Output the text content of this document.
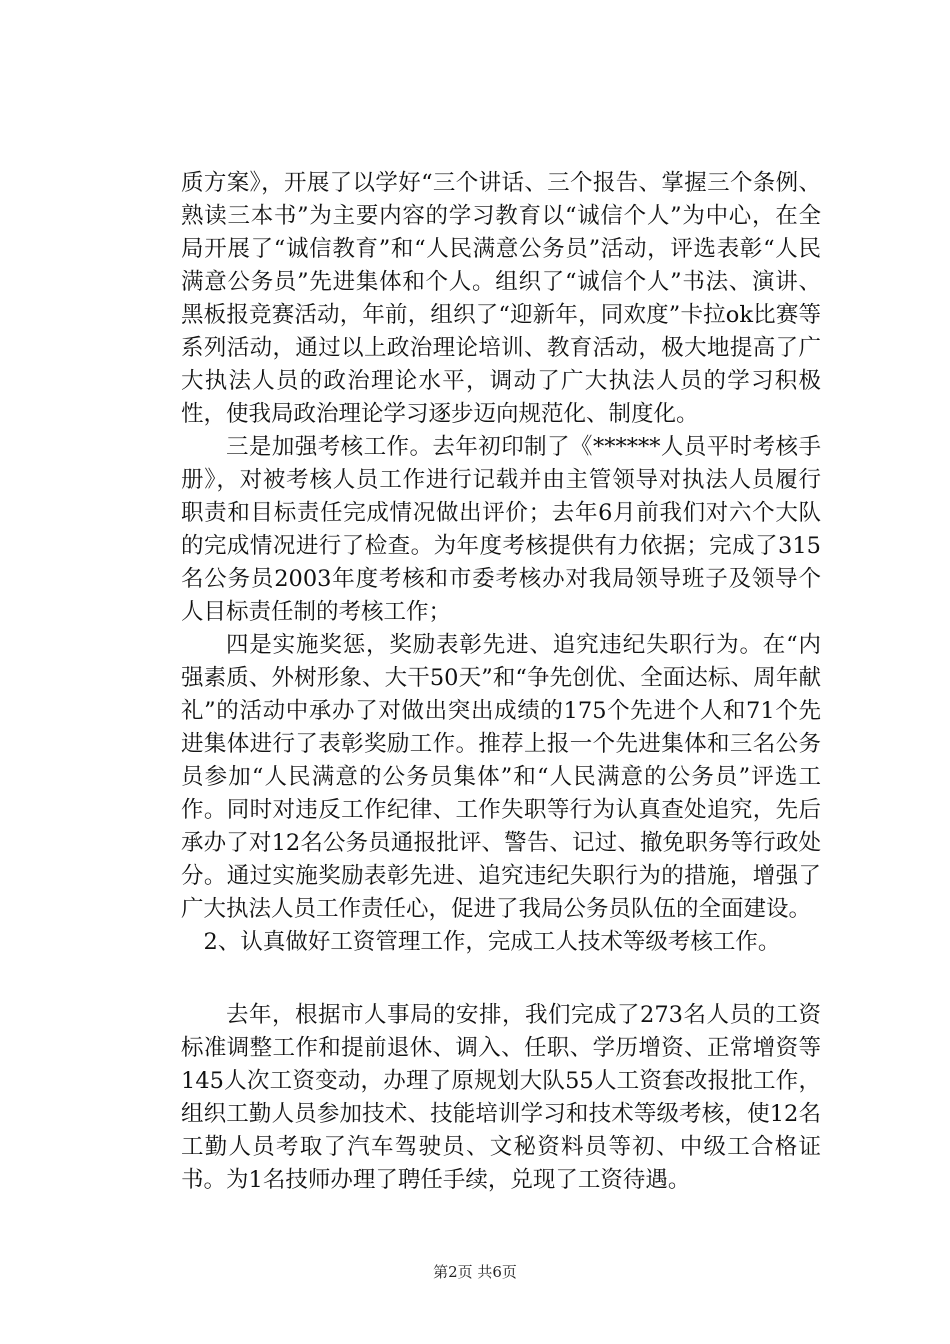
质方案》，开展了以学好“三个讲话、三个报告、掌握三个条例、熟读三本书”为主要内容的学习教育以“诚信个人”为中心，在全局开展了“诚信教育”和“人民满意公务员”活动，评选表彰“人民满意公务员”先进集体和个人。组织了“诚信个人”书法、演讲、黑板报竞赛活动，年前，组织了“迎新年，同欢度”卡拉ok比赛等系列活动，通过以上政治理论培训、教育活动，极大地提高了广大执法人员的政治理论水平，调动了广大执法人员的学习积极性，使我局政治理论学习逐步迈向规范化、制度化。

三是加强考核工作。去年初印制了《******人员平时考核手册》，对被考核人员工作进行记载并由主管领导对执法人员履行职责和目标责任完成情况做出评价；去年6月前我们对六个大队的完成情况进行了检查。为年度考核提供有力依据；完成了315名公务员2003年度考核和市委考核办对我局领导班子及领导个人目标责任制的考核工作；

四是实施奖惩，奖励表彰先进、追究违纪失职行为。在“内强素质、外树形象、大干50天”和“争先创优、全面达标、周年献礼”的活动中承办了对做出突出成绩的175个先进个人和71个先进集体进行了表彰奖励工作。推荐上报一个先进集体和三名公务员参加“人民满意的公务员集体”和“人民满意的公务员”评选工作。同时对违反工作纪律、工作失职等行为认真查处追究，先后承办了对12名公务员通报批评、警告、记过、撤免职务等行政处分。通过实施奖励表彰先进、追究违纪失职行为的措施，增强了广大执法人员工作责任心，促进了我局公务员队伍的全面建设。

2、认真做好工资管理工作，完成工人技术等级考核工作。

去年，根据市人事局的安排，我们完成了273名人员的工资标准调整工作和提前退休、调入、任职、学历增资、正常增资等145人次工资变动，办理了原规划大队55人工资套改报批工作，组织工勤人员参加技术、技能培训学习和技术等级考核，使12名工勤人员考取了汽车驾驶员、文秘资料员等初、中级工合格证书。为1名技师办理了聘任手续，兑现了工资待遇。

第2页 共6页
